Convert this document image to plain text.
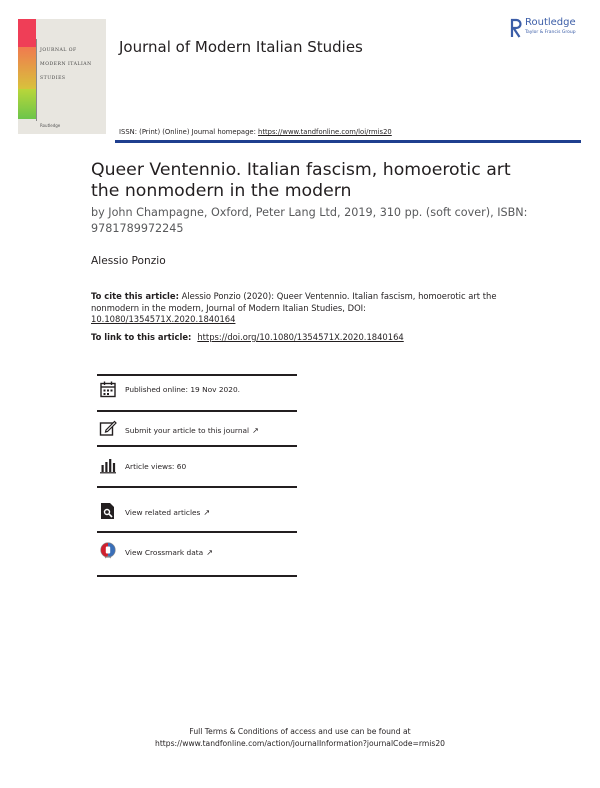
JOURNAL OF
MODERN ITALIAN
STUDIES
Routledge
Journal of Modern Italian Studies
Routledge
Taylor & Francis Group
ISSN: (Print) (Online) Journal homepage: https://www.tandfonline.com/loi/rmis20
Queer Ventennio. Italian fascism, homoerotic art the nonmodern in the modern
by John Champagne, Oxford, Peter Lang Ltd, 2019, 310 pp. (soft cover), ISBN: 9781789972245
Alessio Ponzio
To cite this article: Alessio Ponzio (2020): Queer Ventennio. Italian fascism, homoerotic art the nonmodern in the modern, Journal of Modern Italian Studies, DOI: 10.1080/1354571X.2020.1840164
To link to this article: https://doi.org/10.1080/1354571X.2020.1840164
Published online: 19 Nov 2020.
Submit your article to this journal ↗
Article views: 60
View related articles ↗
View Crossmark data ↗
Full Terms & Conditions of access and use can be found at
https://www.tandfonline.com/action/journalInformation?journalCode=rmis20
